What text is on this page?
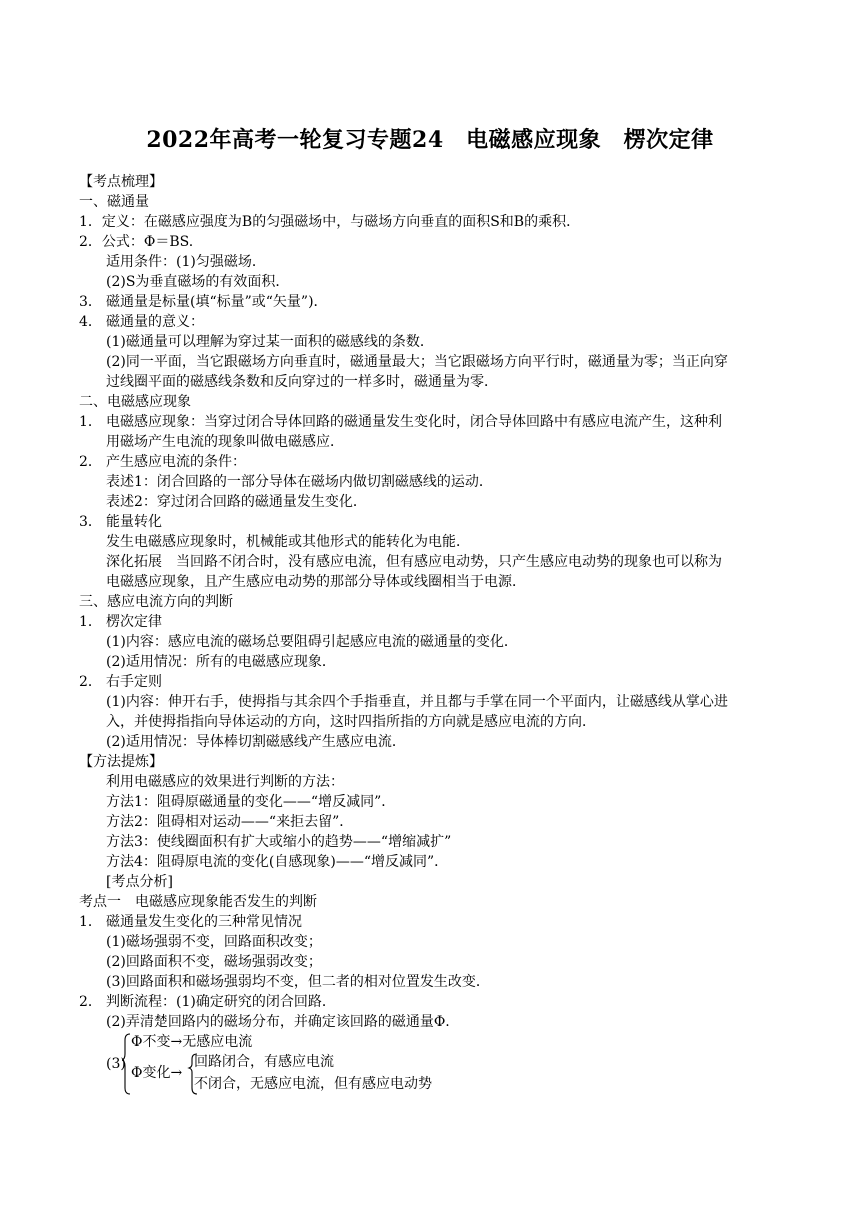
2022年高考一轮复习专题24　电磁感应现象　楞次定律
【考点梳理】
一、磁通量
1．定义：在磁感应强度为B的匀强磁场中，与磁场方向垂直的面积S和B的乘积．
2．公式：Φ＝BS.
适用条件：(1)匀强磁场．
(2)S为垂直磁场的有效面积．
3． 磁通量是标量(填“标量”或“矢量”)．
4． 磁通量的意义：
(1)磁通量可以理解为穿过某一面积的磁感线的条数．
(2)同一平面，当它跟磁场方向垂直时，磁通量最大；当它跟磁场方向平行时，磁通量为零；当正向穿
过线圈平面的磁感线条数和反向穿过的一样多时，磁通量为零．
二、电磁感应现象
1． 电磁感应现象：当穿过闭合导体回路的磁通量发生变化时，闭合导体回路中有感应电流产生，这种利
用磁场产生电流的现象叫做电磁感应．
2． 产生感应电流的条件：
表述1：闭合回路的一部分导体在磁场内做切割磁感线的运动．
表述2：穿过闭合回路的磁通量发生变化．
3． 能量转化
发生电磁感应现象时，机械能或其他形式的能转化为电能．
深化拓展　当回路不闭合时，没有感应电流，但有感应电动势，只产生感应电动势的现象也可以称为
电磁感应现象，且产生感应电动势的那部分导体或线圈相当于电源．
三、感应电流方向的判断
1． 楞次定律
(1)内容：感应电流的磁场总要阻碍引起感应电流的磁通量的变化．
(2)适用情况：所有的电磁感应现象．
2． 右手定则
(1)内容：伸开右手，使拇指与其余四个手指垂直，并且都与手掌在同一个平面内，让磁感线从掌心进
入，并使拇指指向导体运动的方向，这时四指所指的方向就是感应电流的方向．
(2)适用情况：导体棒切割磁感线产生感应电流．
【方法提炼】
利用电磁感应的效果进行判断的方法：
方法1：阻碍原磁通量的变化——“增反减同”．
方法2：阻碍相对运动——“来拒去留”．
方法3：使线圈面积有扩大或缩小的趋势——“增缩减扩”
方法4：阻碍原电流的变化(自感现象)——“增反减同”．
[考点分析]
考点一　电磁感应现象能否发生的判断
1． 磁通量发生变化的三种常见情况
(1)磁场强弱不变，回路面积改变；
(2)回路面积不变，磁场强弱改变；
(3)回路面积和磁场强弱均不变，但二者的相对位置发生改变．
2． 判断流程：(1)确定研究的闭合回路．
(2)弄清楚回路内的磁场分布，并确定该回路的磁通量Φ.
(3)
Φ不变→无感应电流
Φ变化→
回路闭合，有感应电流
不闭合，无感应电流，但有感应电动势
